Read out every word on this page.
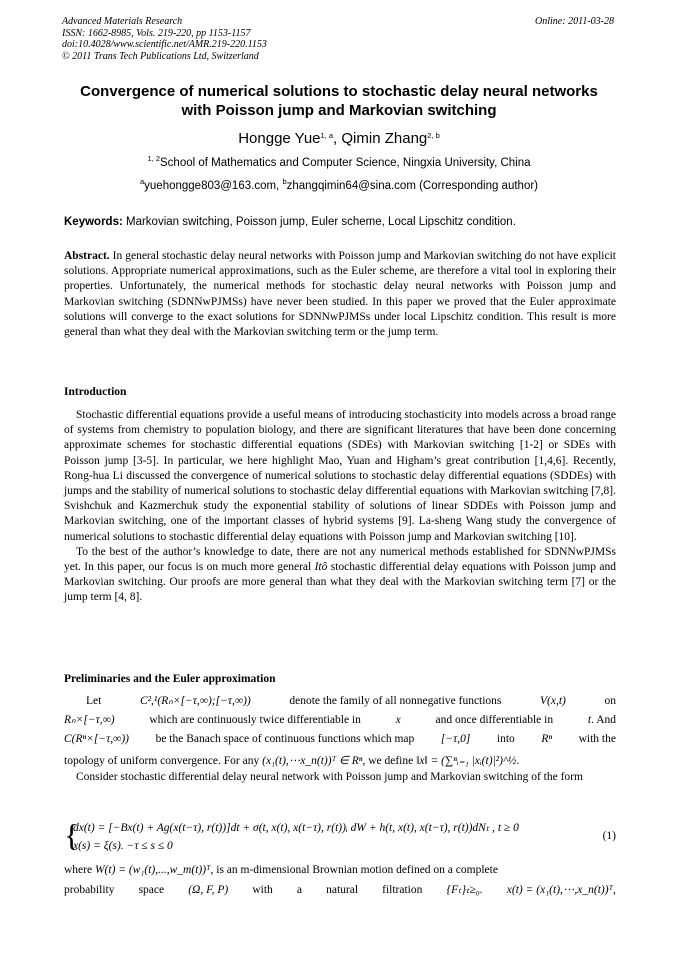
Advanced Materials Research
ISSN: 1662-8985, Vols. 219-220, pp 1153-1157
doi:10.4028/www.scientific.net/AMR.219-220.1153
© 2011 Trans Tech Publications Ltd, Switzerland
Online: 2011-03-28
Convergence of numerical solutions to stochastic delay neural networks
with Poisson jump and Markovian switching
Hongge Yue$^{1, a}$, Qimin Zhang$^{2, b}$
$^{1, 2}$School of Mathematics and Computer Science, Ningxia University, China
$^a$yuehongge803@163.com, $^b$zhangqimin64@sina.com (Corresponding author)
Keywords: Markovian switching, Poisson jump, Euler scheme, Local Lipschitz condition.
Abstract. In general stochastic delay neural networks with Poisson jump and Markovian switching do not have explicit solutions. Appropriate numerical approximations, such as the Euler scheme, are therefore a vital tool in exploring their properties. Unfortunately, the numerical methods for stochastic delay neural networks with Poisson jump and Markovian switching (SDNNwPJMSs) have never been studied. In this paper we proved that the Euler approximate solutions will converge to the exact solutions for SDNNwPJMSs under local Lipschitz condition. This result is more general than what they deal with the Markovian switching term or the jump term.
Introduction

Stochastic differential equations provide a useful means of introducing stochasticity into models across a broad range of systems from chemistry to population biology, and there are significant literatures that have been done concerning approximate schemes for stochastic differential equations (SDEs) with Markovian switching [1-2] or SDEs with Poisson jump [3-5]. In particular, we here highlight Mao, Yuan and Higham’s great contribution [1,4,6]. Recently, Rong-hua Li discussed the convergence of numerical solutions to stochastic delay differential equations (SDDEs) with jumps and the stability of numerical solutions to stochastic delay differential equations with Markovian switching [7,8]. Svishchuk and Kazmerchuk study the exponential stability of solutions of linear SDDEs with Poisson jump and Markovian switching, one of the important classes of hybrid systems [9]. La-sheng Wang study the convergence of numerical solutions to stochastic differential delay equations with Poisson jump and Markovian switching [10].

To the best of the author’s knowledge to date, there are not any numerical methods established for SDNNwPJMSs yet. In this paper, our focus is on much more general Itô stochastic differential delay equations with Poisson jump and Markovian switching. Our proofs are more general than what they deal with the Markovian switching term [7] or the jump term [4, 8].

Preliminaries and the Euler approximation
Let	C²,¹(Rₙ×[−τ,∞);[−τ,∞))	denote the family of all nonnegative functions	V(x,t)	on
Rₙ×[−τ,∞)	which are continuously twice differentiable in	x	and once differentiable in	t. And
C(Rⁿ×[−τ,∞)) be the Banach space of continuous functions which map [−τ,0] into Rⁿ with the
topology of uniform convergence. For any (x₁(t),⋯x_n(t))ᵀ ∈ Rⁿ, we define ‖x‖ = (∑ⁿᵢ₌₁ |xᵢ(t)|²)^½.

Consider stochastic differential delay neural network with Poisson jump and Markovian switching of the form

{
dx(t) = [−Bx(t) + Ag(x(t−τ), r(t))]dt + σ(t, x(t), x(t−τ), r(t))ᵢ dW + h(t, x(t), x(t−τ), r(t))dNₜ , t ≥ 0
x(s) = ξ(s). −τ ≤ s ≤ 0
(1)
where W(t) = (w₁(t),...,w_m(t))ᵀ, is an m-dimensional Brownian motion defined on a complete
probability space (Ω, F, P) with a natural filtration {Fₜ}ₜ≥₀. x(t) = (x₁(t),⋯,x_n(t))ᵀ,
